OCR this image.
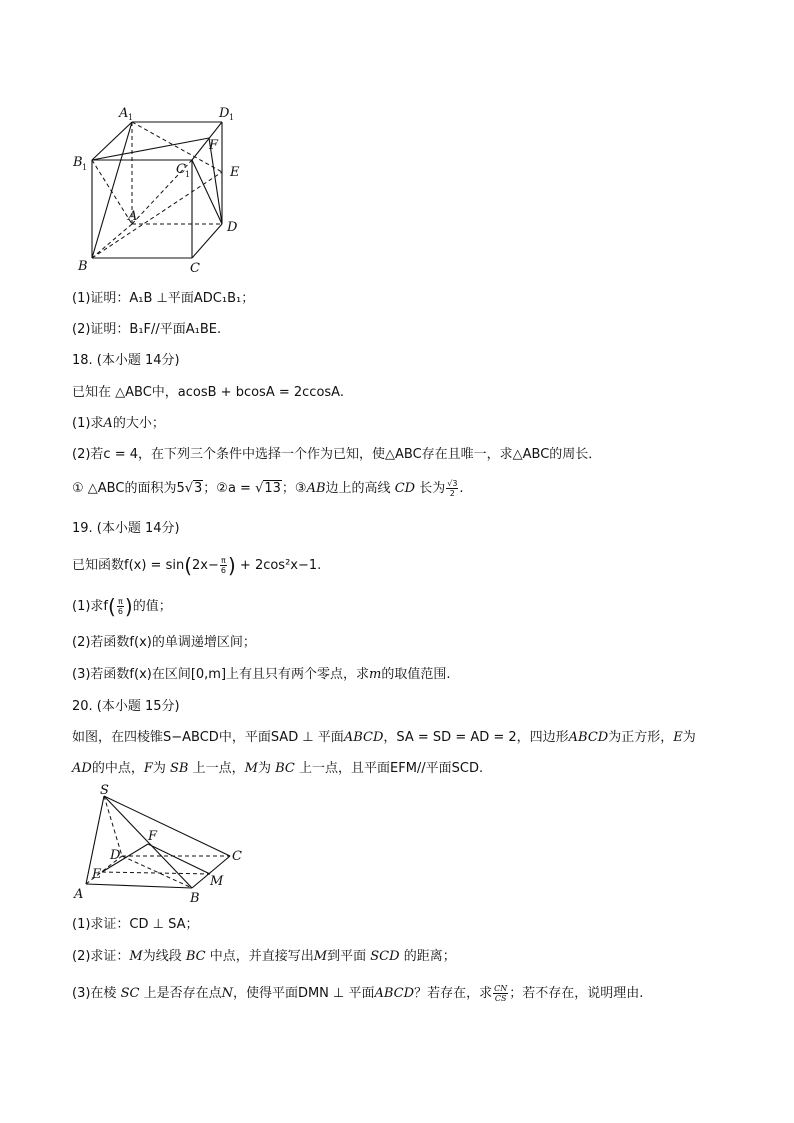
A 1	D 1
B 1	C 1
F
E
A
D
B	C
(1)证明：A₁B ⊥平面ADC₁B₁；
(2)证明：B₁F//平面A₁BE.
18. (本小题 14分)
已知在 △ABC中，acosB + bcosA = 2ccosA.
(1)求A的大小；
(2)若c = 4，在下列三个条件中选择一个作为已知，使△ABC存在且唯一，求△ABC的周长．
① △ABC的面积为5√3；②a = √13；③AB边上的高线 CD 长为 $\frac{√3}{2}$ .
19. (本小题 14分)
已知函数$f(x) = \sin(2x- \frac{\pi}{6}$ ) + 2cos²x−1.
(1)求$f( \frac{\pi}{6}$ )的值；
(2)若函数f(x)的单调递增区间；
(3)若函数f(x)在区间[0,m]上有且只有两个零点，求m的取值范围.
20. (本小题 15分)
如图，在四棱锥S−ABCD中，平面SAD ⊥ 平面ABCD，SA = SD = AD = 2，四边形ABCD为正方形，E为
AD的中点，F为 SB 上一点，M为 BC 上一点，且平面EFM//平面SCD.
S
F
D	C
E	M
A	B
(1)求证：CD ⊥ SA；
(2)求证：M为线段 BC 中点，并直接写出M到平面 SCD 的距离；
(3)在棱 SC 上是否存在点N，使得平面DMN ⊥ 平面ABCD？若存在，求 $\frac{CN}{CS}$ ；若不存在，说明理由.
